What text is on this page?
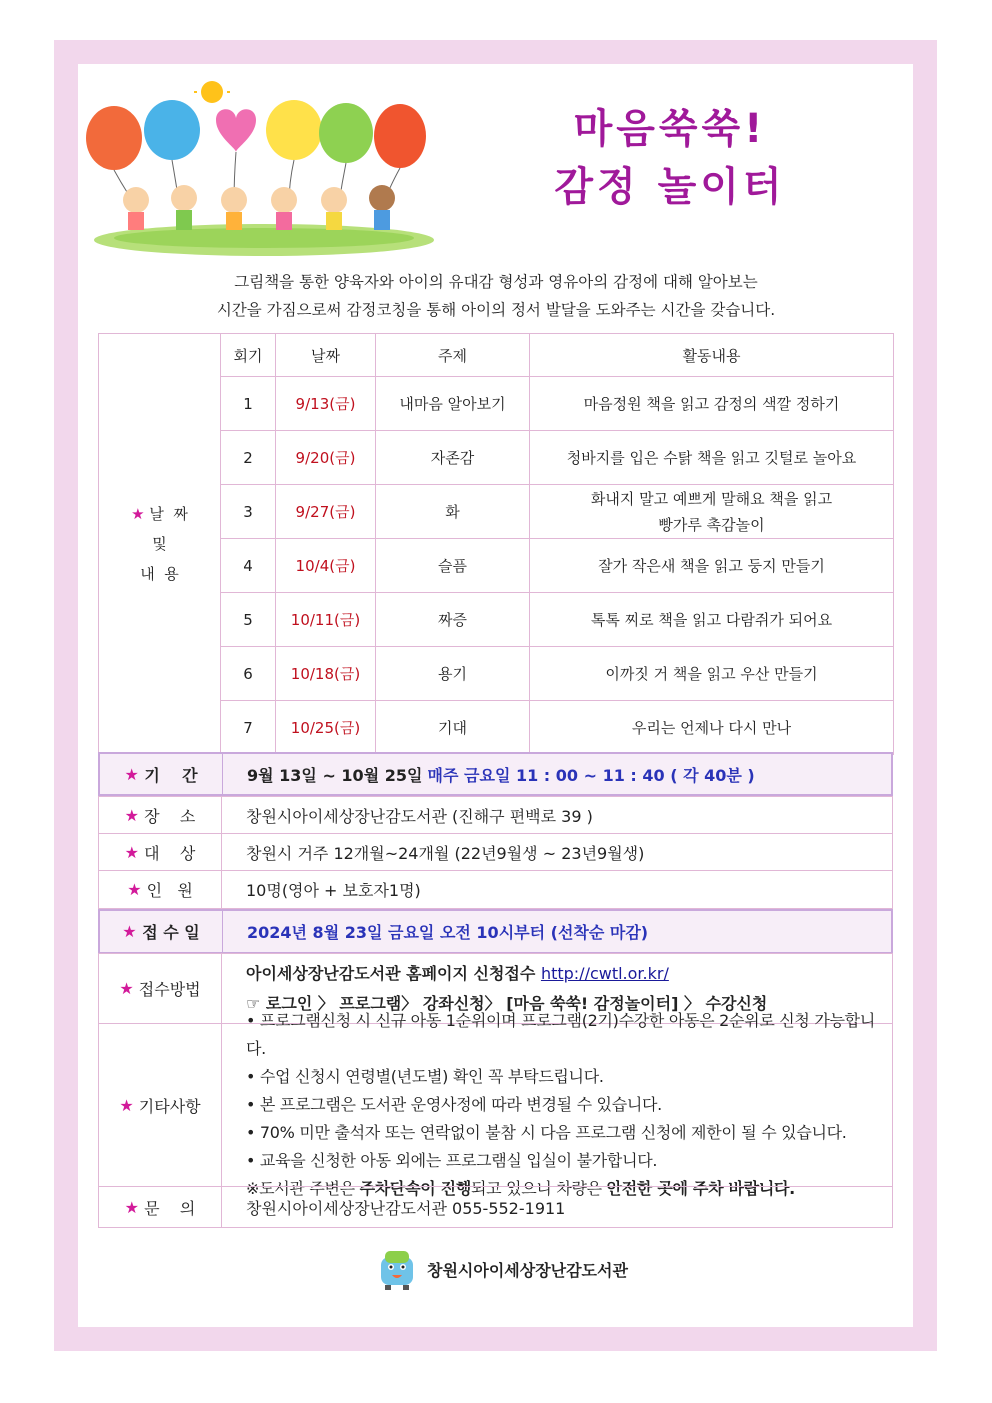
마음쑥쑥!
감정 놀이터
그림책을 통한 양육자와 아이의 유대감 형성과 영유아의 감정에 대해 알아보는
시간을 가짐으로써 감정코칭을 통해 아이의 정서 발달을 도와주는 시간을 갖습니다.
★ 날  짜
및
내  용	회기	날짜	주제	활동내용
	1	9/13(금)	내마음 알아보기	마음정원 책을 읽고 감정의 색깔 정하기
	2	9/20(금)	자존감	청바지를 입은 수탉 책을 읽고 깃털로 놀아요
	3	9/27(금)	화	화내지 말고 예쁘게 말해요 책을 읽고
빵가루 촉감놀이

	4	10/4(금)	슬픔	잘가 작은새 책을 읽고 둥지 만들기
	5	10/11(금)	짜증	톡톡 찌로 책을 읽고 다람쥐가 되어요
	6	10/18(금)	용기	이까짓 거 책을 읽고 우산 만들기
	7	10/25(금)	기대	우리는 언제나 다시 만나
★
기    간	9월 13일 ~ 10월 25일 매주 금요일 11 : 00 ~ 11 : 40 ( 각 40분 )
★
장    소	창원시아이세상장난감도서관 (진해구 편백로 39 )
★
대    상	창원시 거주 12개월~24개월 (22년9월생 ~ 23년9월생)
★
인   원	10명(영아 + 보호자1명)
★
접 수 일	2024년 8월 23일 금요일 오전 10시부터 (선착순 마감)
★
접수방법
아이세상장난감도서관 홈페이지 신청접수 http://cwtl.or.kr/
☞ 로그인 〉 프로그램〉 강좌신청〉 [마음 쑥쑥! 감정놀이터] 〉 수강신청
★
기타사항
• 프로그램신청 시 신규 아동 1순위이며 프로그램(2기)수강한 아동은 2순위로 신청 가능합니다.
• 수업 신청시 연령별(년도별) 확인 꼭 부탁드립니다.
• 본 프로그램은 도서관 운영사정에 따라 변경될 수 있습니다.
• 70% 미만 출석자 또는 연락없이 불참 시 다음 프로그램 신청에 제한이 될 수 있습니다.
• 교육을 신청한 아동 외에는 프로그램실 입실이 불가합니다.
※도서관 주변은 주차단속이 진행되고 있으니 차량은 안전한 곳에 주차 바랍니다.
★
문    의	창원시아이세상장난감도서관 055-552-1911
창원시아이세상장난감도서관
